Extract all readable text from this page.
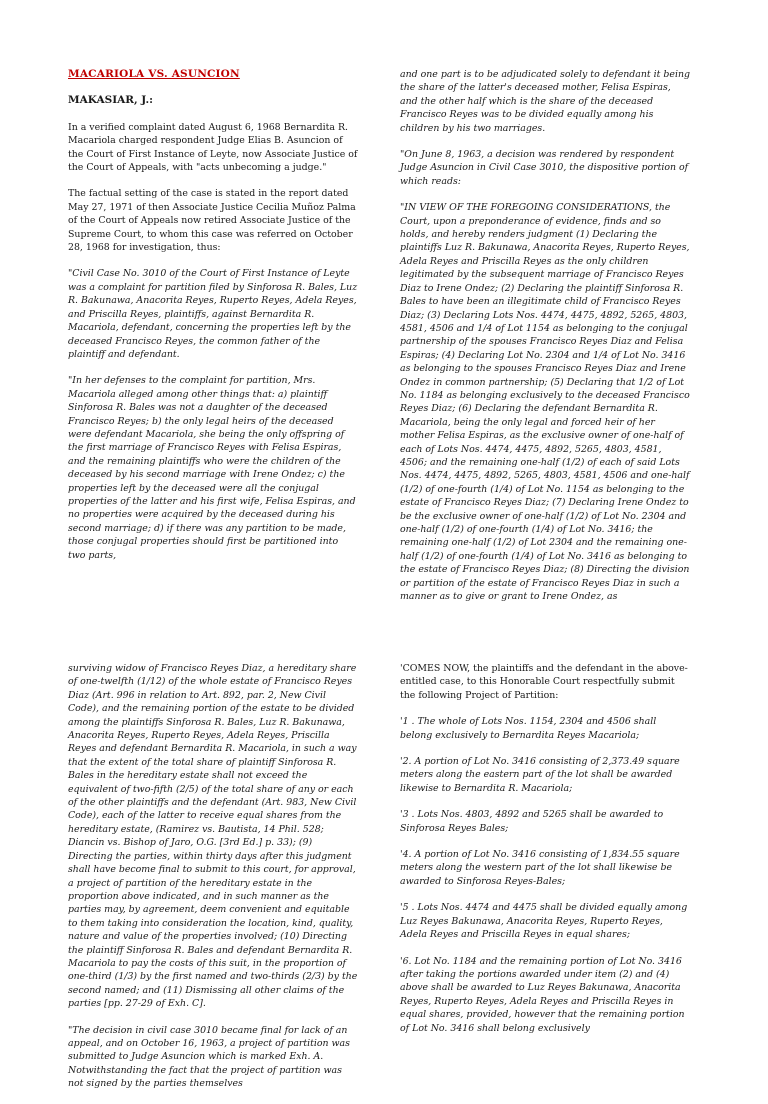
MACARIOLA VS. ASUNCION

MAKASIAR, J.:

In a verified complaint dated August 6, 1968 Bernardita R. Macariola charged respondent Judge Elias B. Asuncion of the Court of First Instance of Leyte, now Associate Justice of the Court of Appeals, with "acts unbecoming a judge."

The factual setting of the case is stated in the report dated May 27, 1971 of then Associate Justice Cecilia Muñoz Palma of the Court of Appeals now retired Associate Justice of the Supreme Court, to whom this case was referred on October 28, 1968 for investigation, thus:

"Civil Case No. 3010 of the Court of First Instance of Leyte was a complaint for partition filed by Sinforosa R. Bales, Luz R. Bakunawa, Anacorita Reyes, Ruperto Reyes, Adela Reyes, and Priscilla Reyes, plaintiffs, against Bernardita R. Macariola, defendant, concerning the properties left by the deceased Francisco Reyes, the common father of the plaintiff and defendant.

"In her defenses to the complaint for partition, Mrs. Macariola alleged among other things that: a) plaintiff Sinforosa R. Bales was not a daughter of the deceased Francisco Reyes; b) the only legal heirs of the deceased were defendant Macariola, she being the only offspring of the first marriage of Francisco Reyes with Felisa Espiras, and the remaining plaintiffs who were the children of the deceased by his second marriage with Irene Ondez; c) the properties left by the deceased were all the conjugal properties of the latter and his first wife, Felisa Espiras, and no properties were acquired by the deceased during his second marriage; d) if there was any partition to be made, those conjugal properties should first be partitioned into two parts,

and one part is to be adjudicated solely to defendant it being the share of the latter's deceased mother, Felisa Espiras, and the other half which is the share of the deceased Francisco Reyes was to be divided equally among his children by his two marriages.

"On June 8, 1963, a decision was rendered by respondent Judge Asuncion in Civil Case 3010, the dispositive portion of which reads:

"IN VIEW OF THE FOREGOING CONSIDERATIONS, the Court, upon a preponderance of evidence, finds and so holds, and hereby renders judgment (1) Declaring the plaintiffs Luz R. Bakunawa, Anacorita Reyes, Ruperto Reyes, Adela Reyes and Priscilla Reyes as the only children legitimated by the subsequent marriage of Francisco Reyes Diaz to Irene Ondez; (2) Declaring the plaintiff Sinforosa R. Bales to have been an illegitimate child of Francisco Reyes Diaz; (3) Declaring Lots Nos. 4474, 4475, 4892, 5265, 4803, 4581, 4506 and 1/4 of Lot 1154 as belonging to the conjugal partnership of the spouses Francisco Reyes Diaz and Felisa Espiras; (4) Declaring Lot No. 2304 and 1/4 of Lot No. 3416 as belonging to the spouses Francisco Reyes Diaz and Irene Ondez in common partnership; (5) Declaring that 1/2 of Lot No. 1184 as belonging exclusively to the deceased Francisco Reyes Diaz; (6) Declaring the defendant Bernardita R. Macariola, being the only legal and forced heir of her mother Felisa Espiras, as the exclusive owner of one-half of each of Lots Nos. 4474, 4475, 4892, 5265, 4803, 4581, 4506; and the remaining one-half (1/2) of each of said Lots Nos. 4474, 4475, 4892, 5265, 4803, 4581, 4506 and one-half (1/2) of one-fourth (1/4) of Lot No. 1154 as belonging to the estate of Francisco Reyes Diaz; (7) Declaring Irene Ondez to be the exclusive owner of one-half (1/2) of Lot No. 2304 and one-half (1/2) of one-fourth (1/4) of Lot No. 3416; the remaining one-half (1/2) of Lot 2304 and the remaining one-half (1/2) of one-fourth (1/4) of Lot No. 3416 as belonging to the estate of Francisco Reyes Diaz; (8) Directing the division or partition of the estate of Francisco Reyes Diaz in such a manner as to give or grant to Irene Ondez, as

surviving widow of Francisco Reyes Diaz, a hereditary share of one-twelfth (1/12) of the whole estate of Francisco Reyes Diaz (Art. 996 in relation to Art. 892, par. 2, New Civil Code), and the remaining portion of the estate to be divided among the plaintiffs Sinforosa R. Bales, Luz R. Bakunawa, Anacorita Reyes, Ruperto Reyes, Adela Reyes, Priscilla Reyes and defendant Bernardita R. Macariola, in such a way that the extent of the total share of plaintiff Sinforosa R. Bales in the hereditary estate shall not exceed the equivalent of two-fifth (2/5) of the total share of any or each of the other plaintiffs and the defendant (Art. 983, New Civil Code), each of the latter to receive equal shares from the hereditary estate, (Ramirez vs. Bautista, 14 Phil. 528; Diancin vs. Bishop of Jaro, O.G. [3rd Ed.] p. 33); (9) Directing the parties, within thirty days after this judgment shall have become final to submit to this court, for approval, a project of partition of the hereditary estate in the proportion above indicated, and in such manner as the parties may, by agreement, deem convenient and equitable to them taking into consideration the location, kind, quality, nature and value of the properties involved; (10) Directing the plaintiff Sinforosa R. Bales and defendant Bernardita R. Macariola to pay the costs of this suit, in the proportion of one-third (1/3) by the first named and two-thirds (2/3) by the second named; and (11) Dismissing all other claims of the parties [pp. 27-29 of Exh. C].

"The decision in civil case 3010 became final for lack of an appeal, and on October 16, 1963, a project of partition was submitted to Judge Asuncion which is marked Exh. A. Notwithstanding the fact that the project of partition was not signed by the parties themselves

'COMES NOW, the plaintiffs and the defendant in the above-entitled case, to this Honorable Court respectfully submit the following Project of Partition:

'1 . The whole of Lots Nos. 1154, 2304 and 4506 shall belong exclusively to Bernardita Reyes Macariola;

'2. A portion of Lot No. 3416 consisting of 2,373.49 square meters along the eastern part of the lot shall be awarded likewise to Bernardita R. Macariola;

'3 . Lots Nos. 4803, 4892 and 5265 shall be awarded to Sinforosa Reyes Bales;

'4. A portion of Lot No. 3416 consisting of 1,834.55 square meters along the western part of the lot shall likewise be awarded to Sinforosa Reyes-Bales;

'5 . Lots Nos. 4474 and 4475 shall be divided equally among Luz Reyes Bakunawa, Anacorita Reyes, Ruperto Reyes, Adela Reyes and Priscilla Reyes in equal shares;

'6. Lot No. 1184 and the remaining portion of Lot No. 3416 after taking the portions awarded under item (2) and (4) above shall be awarded to Luz Reyes Bakunawa, Anacorita Reyes, Ruperto Reyes, Adela Reyes and Priscilla Reyes in equal shares, provided, however that the remaining portion of Lot No. 3416 shall belong exclusively
